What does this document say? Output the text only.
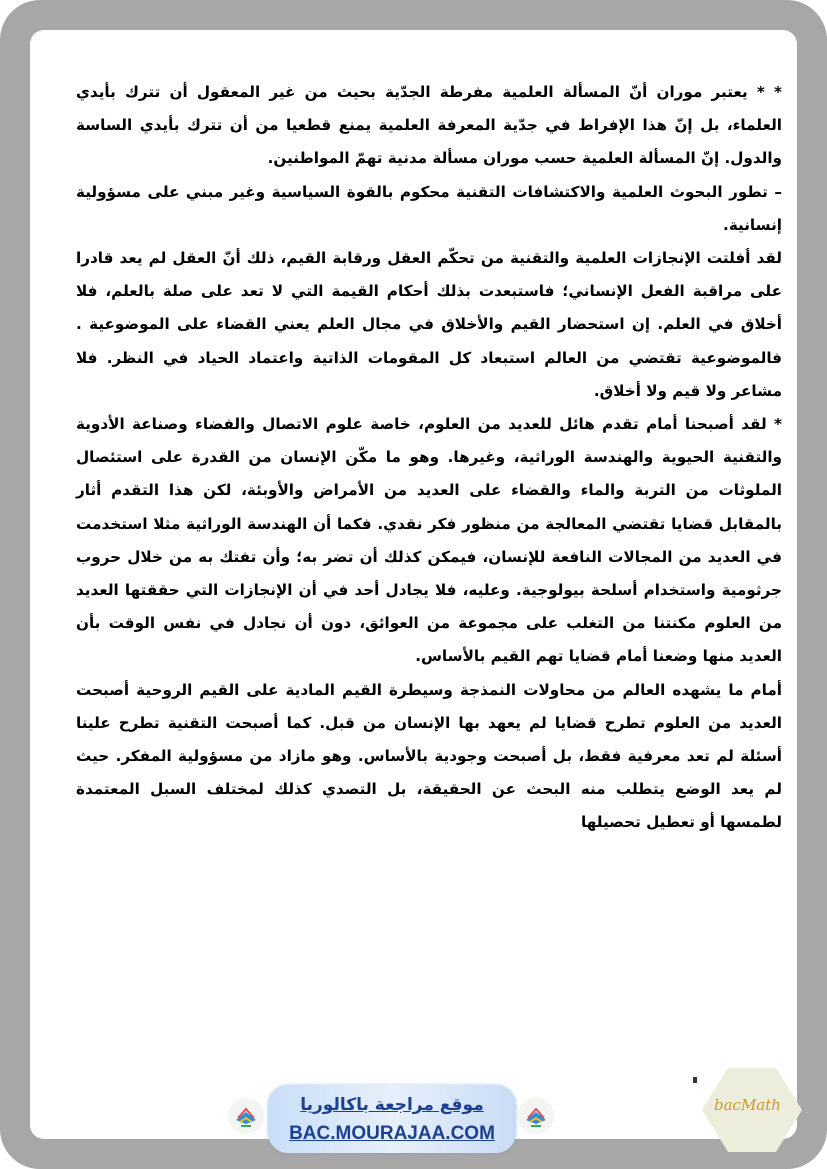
* * يعتبر موران أنّ المسألة العلمية مفرطة الجدّية بحيث من غير المعقول أن تترك بأيدي العلماء، بل إنّ هذا الإفراط في جدّية المعرفة العلمية يمنع قطعيا من أن تترك بأيدي الساسة والدول. إنّ المسألة العلمية حسب موران مسألة مدنية تهمّ المواطنين.

– تطور البحوث العلمية والاكتشافات التقنية محكوم بالقوة السياسية وغير مبني على مسؤولية إنسانية.

لقد أفلتت الإنجازات العلمية والتقنية من تحكّم العقل ورقابة القيم، ذلك أنّ العقل لم يعد قادرا على مراقبة الفعل الإنساني؛ فاستبعدت بذلك أحكام القيمة التي لا تعد على صلة بالعلم، فلا أخلاق في العلم. إن استحضار القيم والأخلاق في مجال العلم يعني القضاء على الموضوعية . فالموضوعية تقتضي من العالم استبعاد كل المقومات الذاتية واعتماد الحياد في النظر. فلا مشاعر ولا قيم ولا أخلاق.

* لقد أصبحنا أمام تقدم هائل للعديد من العلوم، خاصة علوم الاتصال والفضاء وصناعة الأدوية والتقنية الحيوية والهندسة الوراثية، وغيرها. وهو ما مكّن الإنسان من القدرة على استئصال الملوثات من التربة والماء والقضاء على العديد من الأمراض والأوبئة، لكن هذا التقدم أثار بالمقابل قضايا تقتضي المعالجة من منظور فكر نقدي. فكما أن الهندسة الوراثية مثلا استخدمت في العديد من المجالات النافعة للإنسان، فيمكن كذلك أن تضر به؛ وأن تفتك به من خلال حروب جرثومية واستخدام أسلحة بيولوجية. وعليه، فلا يجادل أحد في أن الإنجازات التي حققتها العديد من العلوم مكنتنا من التغلب على مجموعة من العوائق، دون أن نجادل في نفس الوقت بأن العديد منها وضعنا أمام قضايا تهم القيم بالأساس.

أمام ما يشهده العالم من محاولات النمذجة وسيطرة القيم المادية على القيم الروحية أصبحت العديد من العلوم تطرح قضايا لم يعهد بها الإنسان من قبل. كما أصبحت التقنية تطرح علينا أسئلة لم تعد معرفية فقط، بل أصبحت وجودية بالأساس. وهو مازاد من مسؤولية المفكر. حيث لم يعد الوضع يتطلب منه البحث عن الحقيقة، بل التصدي كذلك لمختلف السبل المعتمدة لطمسها أو تعطيل تحصيلها

موقع مراجعة باكالوريا
BAC.MOURAJAA.COM
bacMath
